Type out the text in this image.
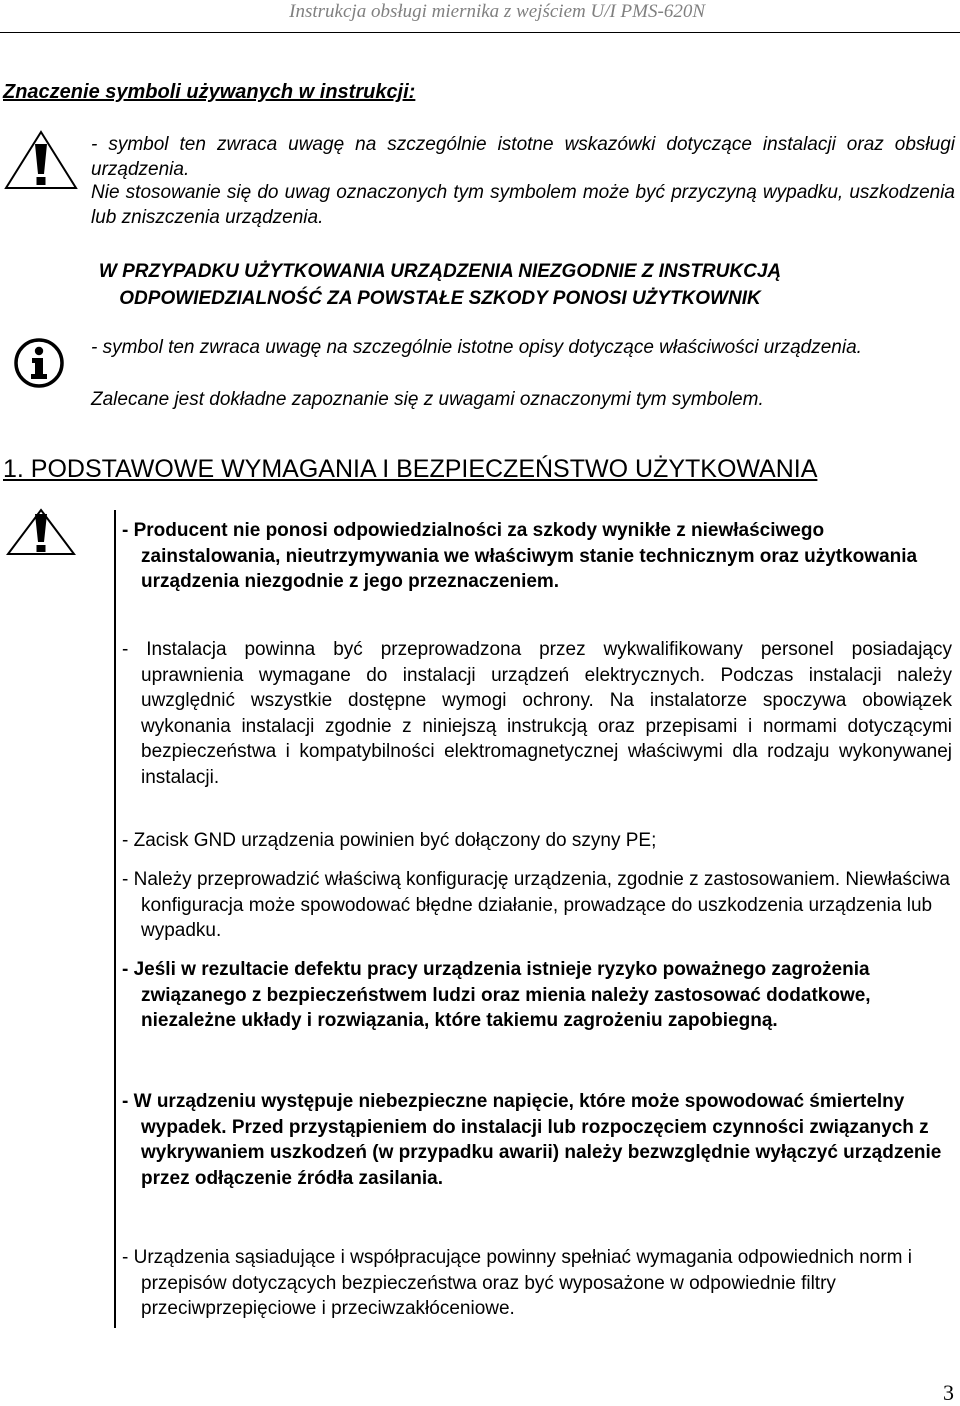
Instrukcja obsługi miernika z wejściem U/I PMS-620N
Znaczenie symboli używanych w instrukcji:
- symbol ten zwraca uwagę na szczególnie istotne wskazówki dotyczące instalacji oraz obsługi urządzenia.
Nie stosowanie się do uwag oznaczonych tym symbolem może być przyczyną wypadku, uszkodzenia lub zniszczenia urządzenia.
W PRZYPADKU UŻYTKOWANIA URZĄDZENIA NIEZGODNIE Z INSTRUKCJĄ
ODPOWIEDZIALNOŚĆ ZA POWSTAŁE SZKODY PONOSI UŻYTKOWNIK
- symbol ten zwraca uwagę na szczególnie istotne opisy dotyczące właściwości urządzenia.
Zalecane jest dokładne zapoznanie się z uwagami oznaczonymi tym symbolem.
1. PODSTAWOWE WYMAGANIA I BEZPIECZEŃSTWO UŻYTKOWANIA
- Producent nie ponosi odpowiedzialności za szkody wynikłe z niewłaściwego zainstalowania, nieutrzymywania we właściwym stanie technicznym oraz użytkowania urządzenia niezgodnie z jego przeznaczeniem.
- Instalacja powinna być przeprowadzona przez wykwalifikowany personel posiadający uprawnienia wymagane do instalacji urządzeń elektrycznych. Podczas instalacji należy uwzględnić wszystkie dostępne wymogi ochrony. Na instalatorze spoczywa obowiązek wykonania instalacji zgodnie z niniejszą instrukcją oraz przepisami i normami dotyczącymi bezpieczeństwa i kompatybilności elektromagnetycznej właściwymi dla rodzaju wykonywanej instalacji.
- Zacisk GND urządzenia powinien być dołączony do szyny PE;
- Należy przeprowadzić właściwą konfigurację urządzenia, zgodnie z zastosowaniem. Niewłaściwa konfiguracja może spowodować błędne działanie, prowadzące do uszkodzenia urządzenia lub wypadku.
- Jeśli w rezultacie defektu pracy urządzenia istnieje ryzyko poważnego zagrożenia związanego z bezpieczeństwem ludzi oraz mienia należy zastosować dodatkowe, niezależne układy i rozwiązania, które takiemu zagrożeniu zapobiegną.
- W urządzeniu występuje niebezpieczne napięcie, które może spowodować śmiertelny wypadek. Przed przystąpieniem do instalacji lub rozpoczęciem czynności związanych z wykrywaniem uszkodzeń (w przypadku awarii) należy bezwzględnie wyłączyć urządzenie przez odłączenie źródła zasilania.
- Urządzenia sąsiadujące i współpracujące powinny spełniać wymagania odpowiednich norm i przepisów dotyczących bezpieczeństwa oraz być wyposażone w odpowiednie filtry przeciwprzepięciowe i przeciwzakłóceniowe.
3
